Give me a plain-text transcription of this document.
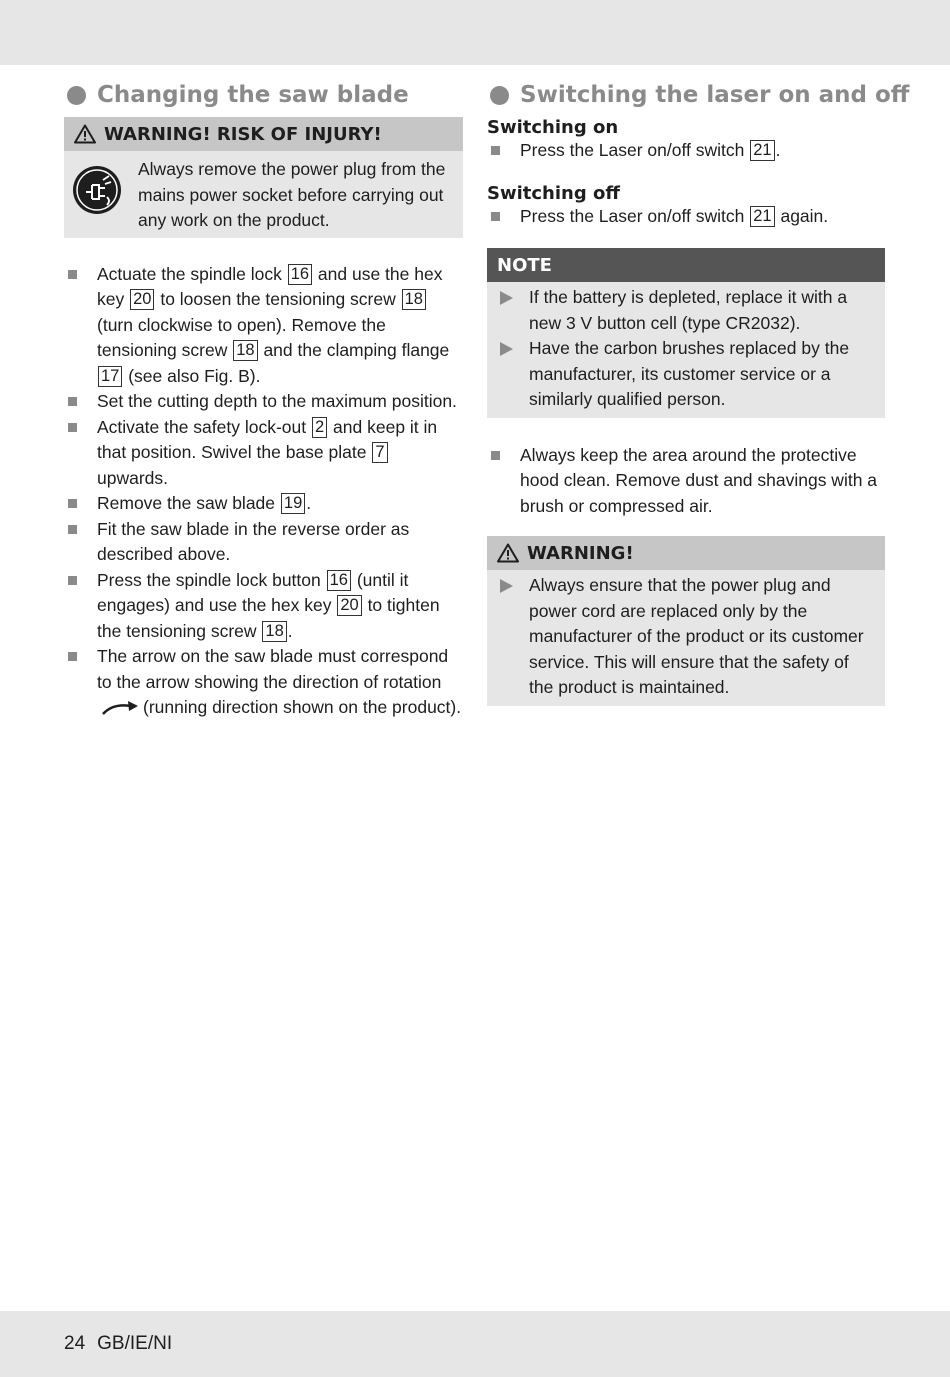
Changing the saw blade
WARNING! RISK OF INJURY!
Always remove the power plug from the mains power socket before carrying out any work on the product.
Actuate the spindle lock 16 and use the hex key 20 to loosen the tensioning screw 18 (turn clockwise to open). Remove the tensioning screw 18 and the clamping flange 17 (see also Fig. B).
Set the cutting depth to the maximum position.
Activate the safety lock-out 2 and keep it in that position. Swivel the base plate 7 upwards.
Remove the saw blade 19 .
Fit the saw blade in the reverse order as described above.
Press the spindle lock button 16 (until it engages) and use the hex key 20 to tighten the tensioning screw 18 .
The arrow on the saw blade must correspond to the arrow showing the direction of rotation(running direction shown on the product).
Switching the laser on and off
Switching on
Press the Laser on/off switch 21 .
Switching off
Press the Laser on/off switch 21 again.
NOTE
If the battery is depleted, replace it with a new 3 V button cell (type CR2032).
Have the carbon brushes replaced by the manufacturer, its customer service or a similarly qualified person.
Always keep the area around the protective hood clean. Remove dust and shavings with a brush or compressed air.
WARNING!
Always ensure that the power plug and power cord are replaced only by the manufacturer of the product or its customer service. This will ensure that the safety of the product is maintained.
24 GB/IE/NI
